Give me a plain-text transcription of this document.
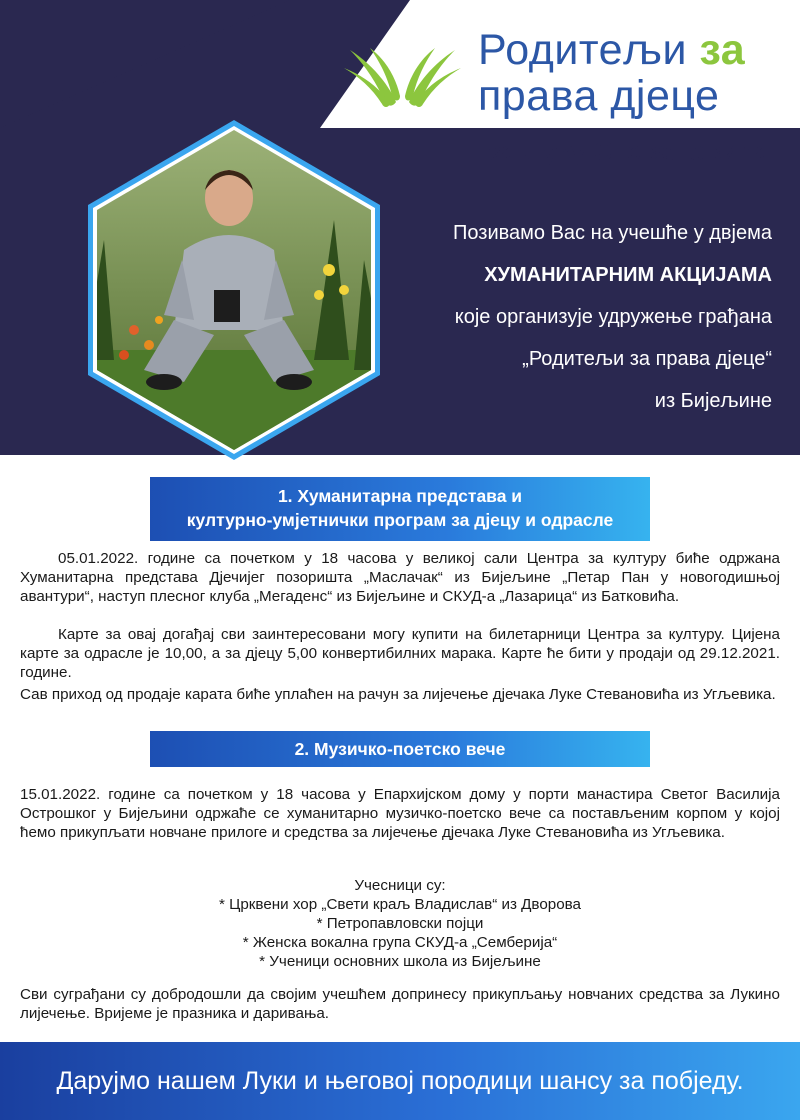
Родитељи за
права дјеце
за Луку Стевановића
Позивамо Вас на учешће у двјема
ХУМАНИТАРНИМ АКЦИЈАМА
које организује удружење грађана
„Родитељи за права дјеце“
из Бијељине
1. Хуманитарна представа и
културно-умјетнички програм за дјецу и одрасле

05.01.2022. године са почетком у 18 часова у великој сали Центра за културу биће одржана Хуманитарна представа Дјечијег позоришта „Маслачак“ из Бијељине „Петар Пан у новогодишњој авантури“, наступ плесног клуба „Мегаденс“ из Бијељине и СКУД-а „Лазарица“ из Батковића.

Карте за овај догађај сви заинтересовани могу купити на билетарници Центра за културу. Цијена карте за одрасле је 10,00, а за дјецу 5,00 конвертибилних марака. Карте ће бити у продаји од 29.12.2021. године.

Сав приход од продаје карата биће уплаћен на рачун за лијечење дјечака Луке Стевановића из Угљевика.

2. Музичко-поетско вече

15.01.2022. године са почетком у 18 часова у Епархијском дому у порти манастира Светог Василија Острошког у Бијељини одржаће се хуманитарно музичко-поетско вече са постављеним корпом у којој ћемо прикупљати новчане прилоге и средства за лијечење дјечака Луке Стевановића из Угљевика.

Учесници су:
* Црквени хор „Свети краљ Владислав“ из Дворова
* Петропавловски појци
* Женска вокална група СКУД-а „Семберија“
* Ученици основних школа из Бијељине

Сви суграђани су добродошли да својим учешћем допринесу прикупљању новчаних средства за Лукино лијечење. Вријеме је празника и даривања.

Даруjмо нашем Луки и његовој породици шансу за побједу.
